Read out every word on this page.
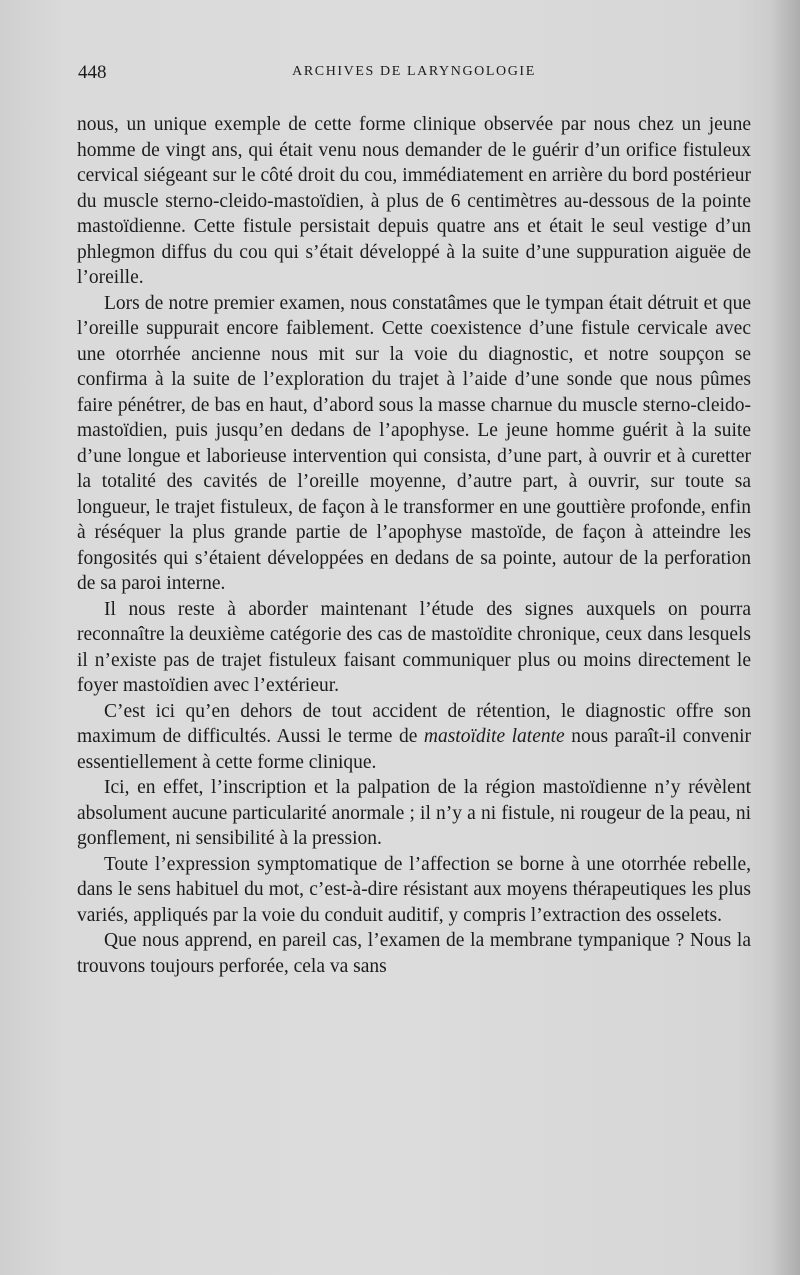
448	ARCHIVES DE LARYNGOLOGIE

nous, un unique exemple de cette forme clinique observée par nous chez un jeune homme de vingt ans, qui était venu nous demander de le guérir d’un orifice fistuleux cervical siégeant sur le côté droit du cou, immédiatement en arrière du bord postérieur du muscle sterno-cleido-mastoïdien, à plus de 6 centimètres au-dessous de la pointe mastoïdienne. Cette fistule persistait depuis quatre ans et était le seul vestige d’un phlegmon diffus du cou qui s’était développé à la suite d’une suppuration aiguëe de l’oreille.

Lors de notre premier examen, nous constatâmes que le tympan était détruit et que l’oreille suppurait encore faiblement. Cette coexistence d’une fistule cervicale avec une otorrhée ancienne nous mit sur la voie du diagnostic, et notre soupçon se confirma à la suite de l’exploration du trajet à l’aide d’une sonde que nous pûmes faire pénétrer, de bas en haut, d’abord sous la masse charnue du muscle sterno-cleido-mastoïdien, puis jusqu’en dedans de l’apophyse. Le jeune homme guérit à la suite d’une longue et laborieuse intervention qui consista, d’une part, à ouvrir et à curetter la totalité des cavités de l’oreille moyenne, d’autre part, à ouvrir, sur toute sa longueur, le trajet fistuleux, de façon à le transformer en une gouttière profonde, enfin à réséquer la plus grande partie de l’apophyse mastoïde, de façon à atteindre les fongosités qui s’étaient développées en dedans de sa pointe, autour de la perforation de sa paroi interne.

Il nous reste à aborder maintenant l’étude des signes auxquels on pourra reconnaître la deuxième catégorie des cas de mastoïdite chronique, ceux dans lesquels il n’existe pas de trajet fistuleux faisant communiquer plus ou moins directement le foyer mastoïdien avec l’extérieur.

C’est ici qu’en dehors de tout accident de rétention, le diagnostic offre son maximum de difficultés. Aussi le terme de mastoïdite latente nous paraît-il convenir essentiellement à cette forme clinique.

Ici, en effet, l’inscription et la palpation de la région mastoïdienne n’y révèlent absolument aucune particularité anormale ; il n’y a ni fistule, ni rougeur de la peau, ni gonflement, ni sensibilité à la pression.

Toute l’expression symptomatique de l’affection se borne à une otorrhée rebelle, dans le sens habituel du mot, c’est-à-dire résistant aux moyens thérapeutiques les plus variés, appliqués par la voie du conduit auditif, y compris l’extraction des osselets.

Que nous apprend, en pareil cas, l’examen de la membrane tympanique ? Nous la trouvons toujours perforée, cela va sans
